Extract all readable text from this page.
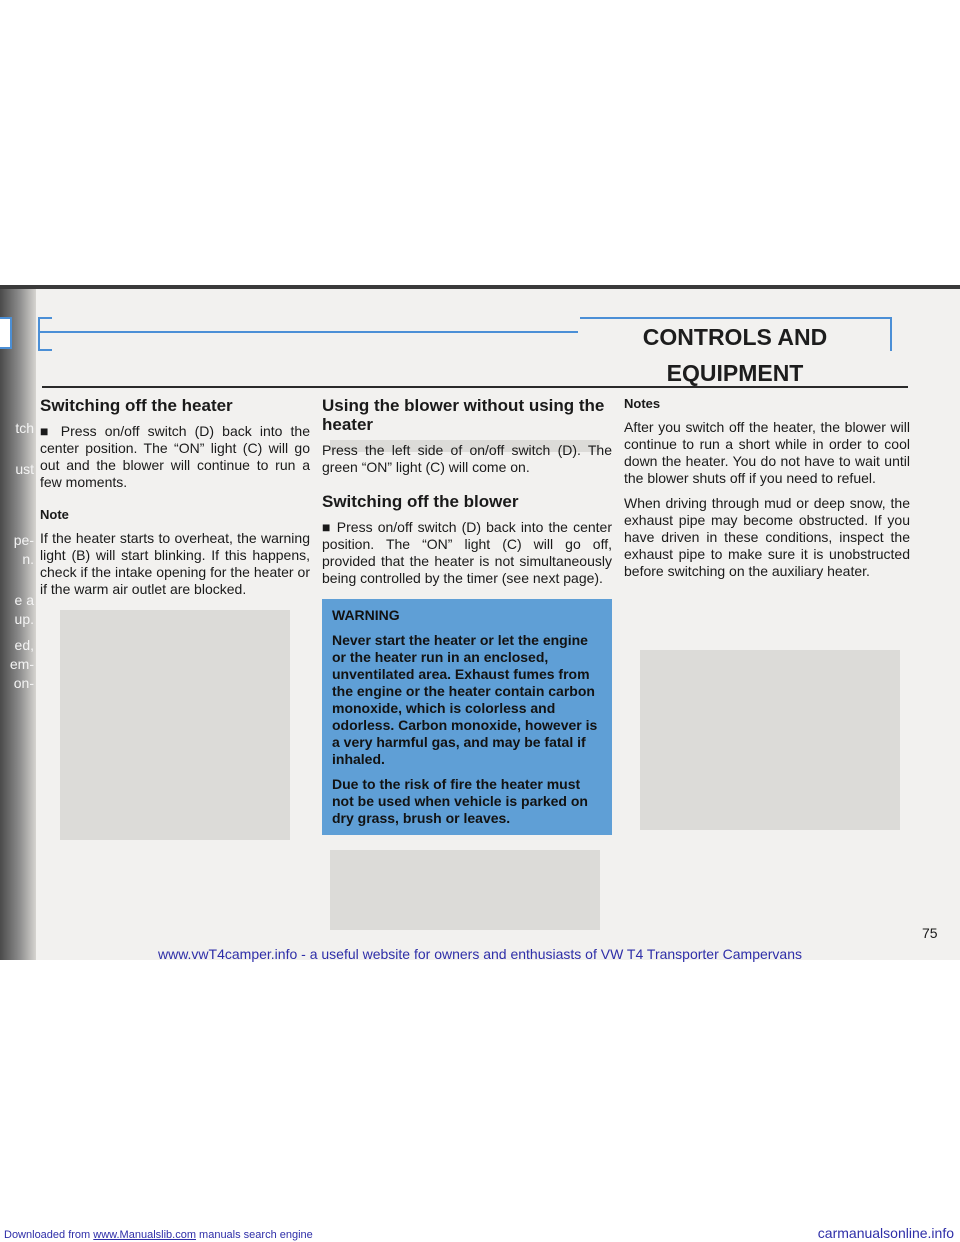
tch
ust
pe-
n.
e a
up.
ed,
em-
on-
CONTROLS AND EQUIPMENT
Switching off the heater

■ Press on/off switch (D) back into the center position. The “ON” light (C) will go out and the blower will continue to run a few moments.

Note

If the heater starts to overheat, the warning light (B) will start blinking. If this happens, check if the intake opening for the heater or if the warm air outlet are blocked.

Using the blower without using the heater

Press the left side of on/off switch (D). The green “ON” light (C) will come on.

Switching off the blower

■ Press on/off switch (D) back into the center position. The “ON” light (C) will go off, provided that the heater is not simultaneously being controlled by the timer (see next page).

WARNING

Never start the heater or let the engine or the heater run in an enclosed, unventilated area. Exhaust fumes from the engine or the heater contain carbon monoxide, which is colorless and odorless. Carbon monoxide, however is a very harmful gas, and may be fatal if inhaled.

Due to the risk of fire the heater must not be used when vehicle is parked on dry grass, brush or leaves.

Notes

After you switch off the heater, the blower will continue to run a short while in order to cool down the heater. You do not have to wait until the blower shuts off if you need to refuel.

When driving through mud or deep snow, the exhaust pipe may become obstructed. If you have driven in these conditions, inspect the exhaust pipe to make sure it is unobstructed before switching on the auxiliary heater.

75
www.vwT4camper.info - a useful website for owners and enthusiasts of VW T4 Transporter Campervans
Downloaded from www.Manualslib.com manuals search engine	carmanualsonline.info
